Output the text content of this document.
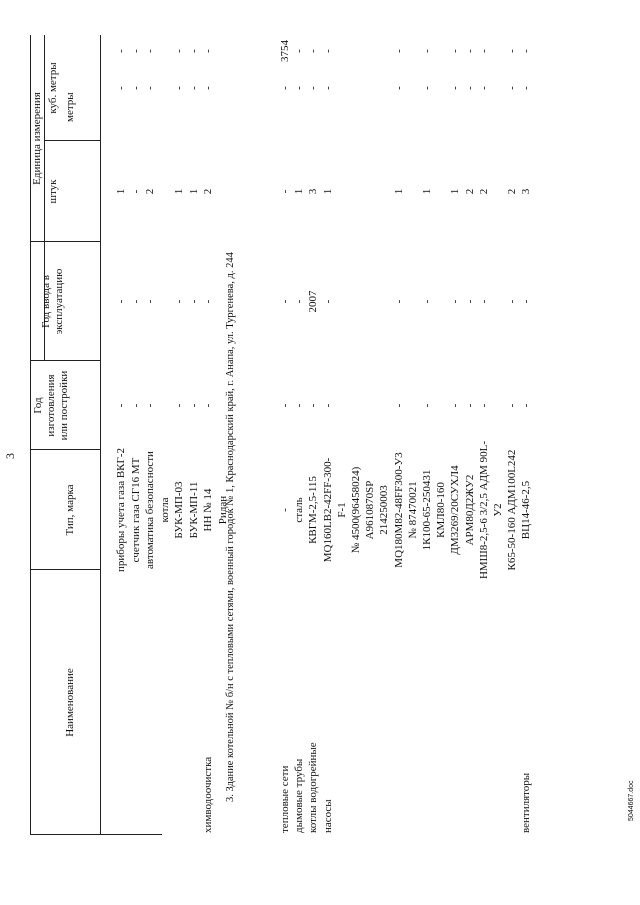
3
Наименование
Тип, марка
Год изготовления или постройки
Год ввода в эксплуатацию
Единица измерения
штук
куб. метры метры
приборы учета газа ВКГ-2
-
-
1
-
-
счетчик газа СГ16 МТ
-
-
-
-
-
автоматика безопасности котла
-
-
2
-
-
БУК-МП-03
-
-
1
-
-
БУК-МП-11
-
-
1
-
-
химводоочистка
НН № 14
-
-
2
-
-
Ридан
3. Здание котельной № б/н с тепловыми сетями, военный городок № 1, Краснодарский край, г. Анапа, ул. Тургенева, д. 244	тепловые сети
-
-
-
-
-
3754
дымовые трубы
сталь
-
-
1
-
-
котлы водогрейные
КВГМ-2,5-115
-
2007
3
-
-
насосы
MQ160LB2-42FF-300- F-1 № 4500(96458024) А9610870SP 214250003
-
-
1
-
-
MQ180M82-48FF300-У3 № 87470021
-
-
1
-
-
1К100-65-250431 КМЛ80-160
-
-
1
-
-
ДМ3269/20СУХЛ4
-
-
1
-
-
АРМ80Д2ЖУ2
-
-
2
-
-
НМШ8-2,5-6 3/2,5 АДМ 90L- У2
-
-
2
-
-
К65-50-160 АДМ100L242
-
-
2
-
-
вентиляторы
ВЦ14-46-2,5
-
-
3
-
-
5044667.doc
